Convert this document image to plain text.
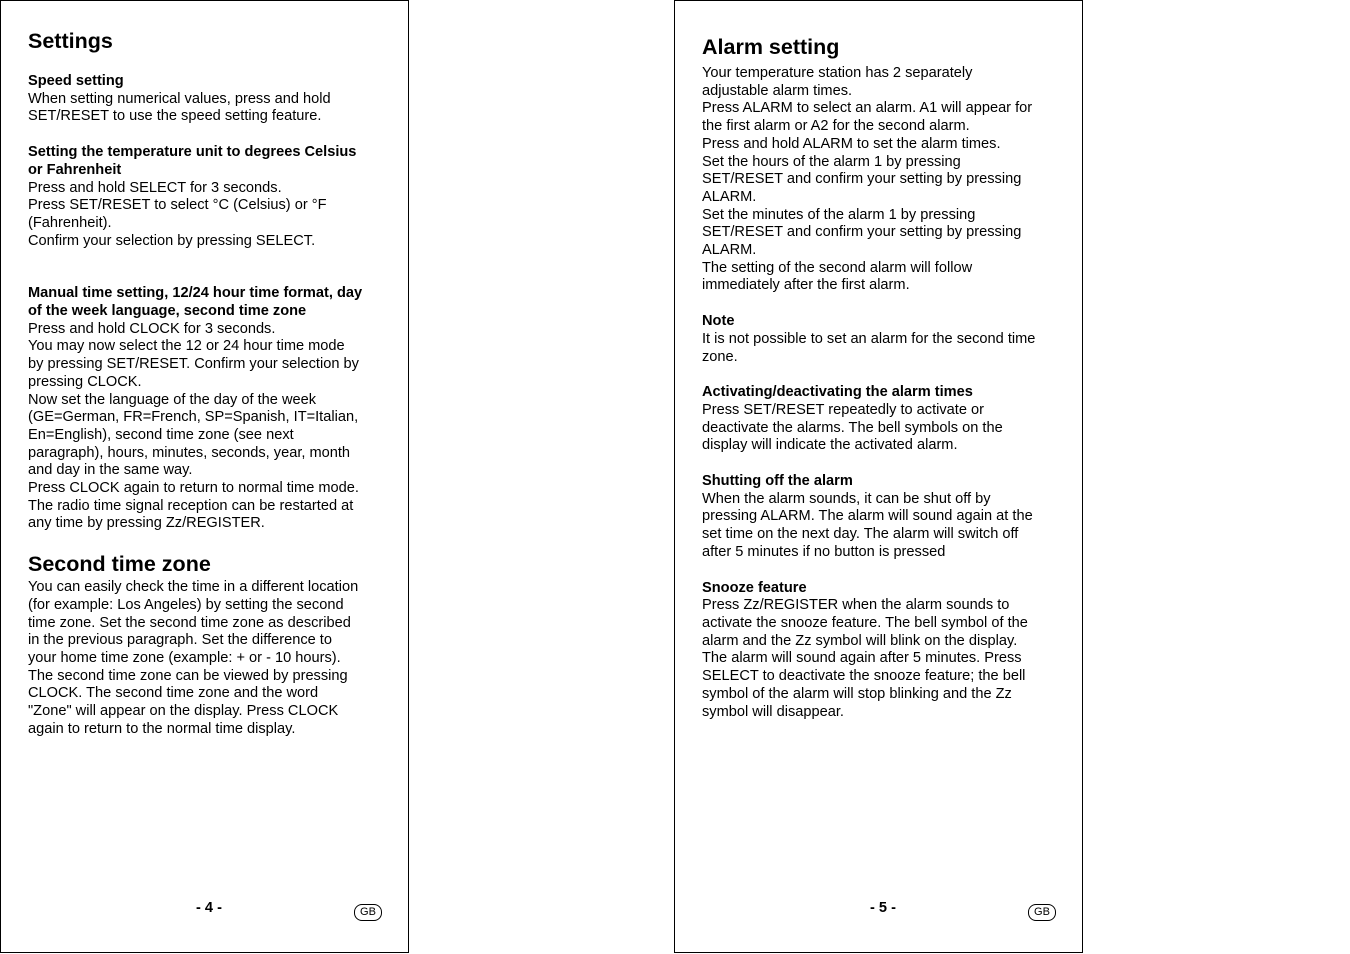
Settings
Speed setting
When setting numerical values, press and hold
SET/RESET to use the speed setting feature.
Setting the temperature unit to degrees Celsius
or Fahrenheit
Press and hold SELECT for 3 seconds.
Press SET/RESET to select °C (Celsius) or °F
(Fahrenheit).
Confirm your selection by pressing SELECT.
Manual time setting, 12/24 hour time format, day
of the week language, second time zone
Press and hold CLOCK for 3 seconds.
You may now select the 12 or 24 hour time mode
by pressing SET/RESET. Confirm your selection by
pressing CLOCK.
Now set the language of the day of the week
(GE=German, FR=French, SP=Spanish, IT=Italian,
En=English), second time zone (see next
paragraph), hours, minutes, seconds, year, month
and day in the same way.
Press CLOCK again to return to normal time mode.
The radio time signal reception can be restarted at
any time by pressing Zz/REGISTER.
Second time zone
You can easily check the time in a different location
(for example: Los Angeles) by setting the second
time zone. Set the second time zone as described
in the previous paragraph. Set the difference to
your home time zone (example: + or - 10 hours).
The second time zone can be viewed by pressing
CLOCK. The second time zone and the word
"Zone" will appear on the display. Press CLOCK
again to return to the normal time display.
- 4 -	GB
Alarm setting
Your temperature station has 2 separately
adjustable alarm times.
Press ALARM to select an alarm. A1 will appear for
the first alarm or A2 for the second alarm.
Press and hold ALARM to set the alarm times.
Set the hours of the alarm 1 by pressing
SET/RESET and confirm your setting by pressing
ALARM.
Set the minutes of the alarm 1 by pressing
SET/RESET and confirm your setting by pressing
ALARM.
The setting of the second alarm will follow
immediately after the first alarm.
Note
It is not possible to set an alarm for the second time
zone.
Activating/deactivating the alarm times
Press SET/RESET repeatedly to activate or
deactivate the alarms. The bell symbols on the
display will indicate the activated alarm.
Shutting off the alarm
When the alarm sounds, it can be shut off by
pressing ALARM. The alarm will sound again at the
set time on the next day. The alarm will switch off
after 5 minutes if no button is pressed
Snooze feature
Press Zz/REGISTER when the alarm sounds to
activate the snooze feature. The bell symbol of the
alarm and the Zz symbol will blink on the display.
The alarm will sound again after 5 minutes. Press
SELECT to deactivate the snooze feature; the bell
symbol of the alarm will stop blinking and the Zz
symbol will disappear.
- 5 -	GB
